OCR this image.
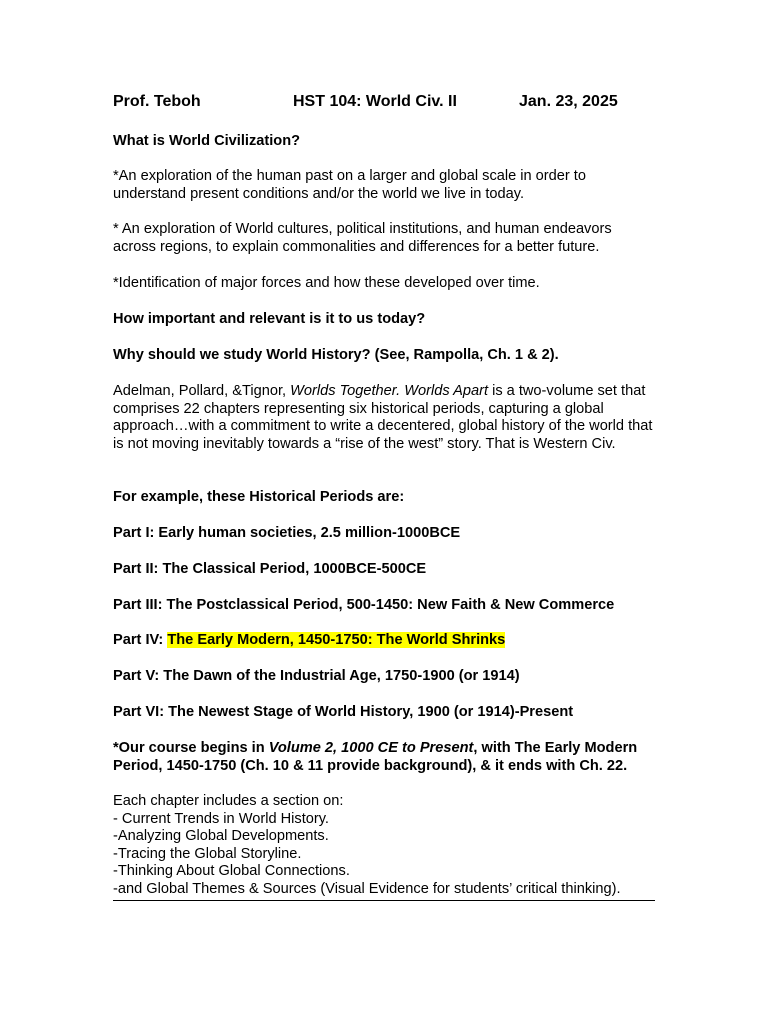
Prof. Teboh	HST 104: World Civ. II	Jan. 23, 2025
What is World Civilization?
*An exploration of the human past on a larger and global scale in order to understand present conditions and/or the world we live in today.
* An exploration of World cultures, political institutions, and human endeavors across regions, to explain commonalities and differences for a better future.
*Identification of major forces and how these developed over time.
How important and relevant is it to us today?
Why should we study World History? (See, Rampolla, Ch. 1 & 2).
Adelman, Pollard, &Tignor, Worlds Together. Worlds Apart is a two-volume set that comprises 22 chapters representing six historical periods, capturing a global approach…with a commitment to write a decentered, global history of the world that is not moving inevitably towards a “rise of the west” story. That is Western Civ.
For example, these Historical Periods are:
Part I: Early human societies, 2.5 million-1000BCE
Part II: The Classical Period, 1000BCE-500CE
Part III: The Postclassical Period, 500-1450: New Faith & New Commerce
Part IV: The Early Modern, 1450-1750: The World Shrinks
Part V: The Dawn of the Industrial Age, 1750-1900 (or 1914)
Part VI: The Newest Stage of World History, 1900 (or 1914)-Present
*Our course begins in Volume 2, 1000 CE to Present, with The Early Modern Period, 1450-1750 (Ch. 10 & 11 provide background), & it ends with Ch. 22.
Each chapter includes a section on:
- Current Trends in World History.
-Analyzing Global Developments.
-Tracing the Global Storyline.
-Thinking About Global Connections.
-and Global Themes & Sources (Visual Evidence for students’ critical thinking).
